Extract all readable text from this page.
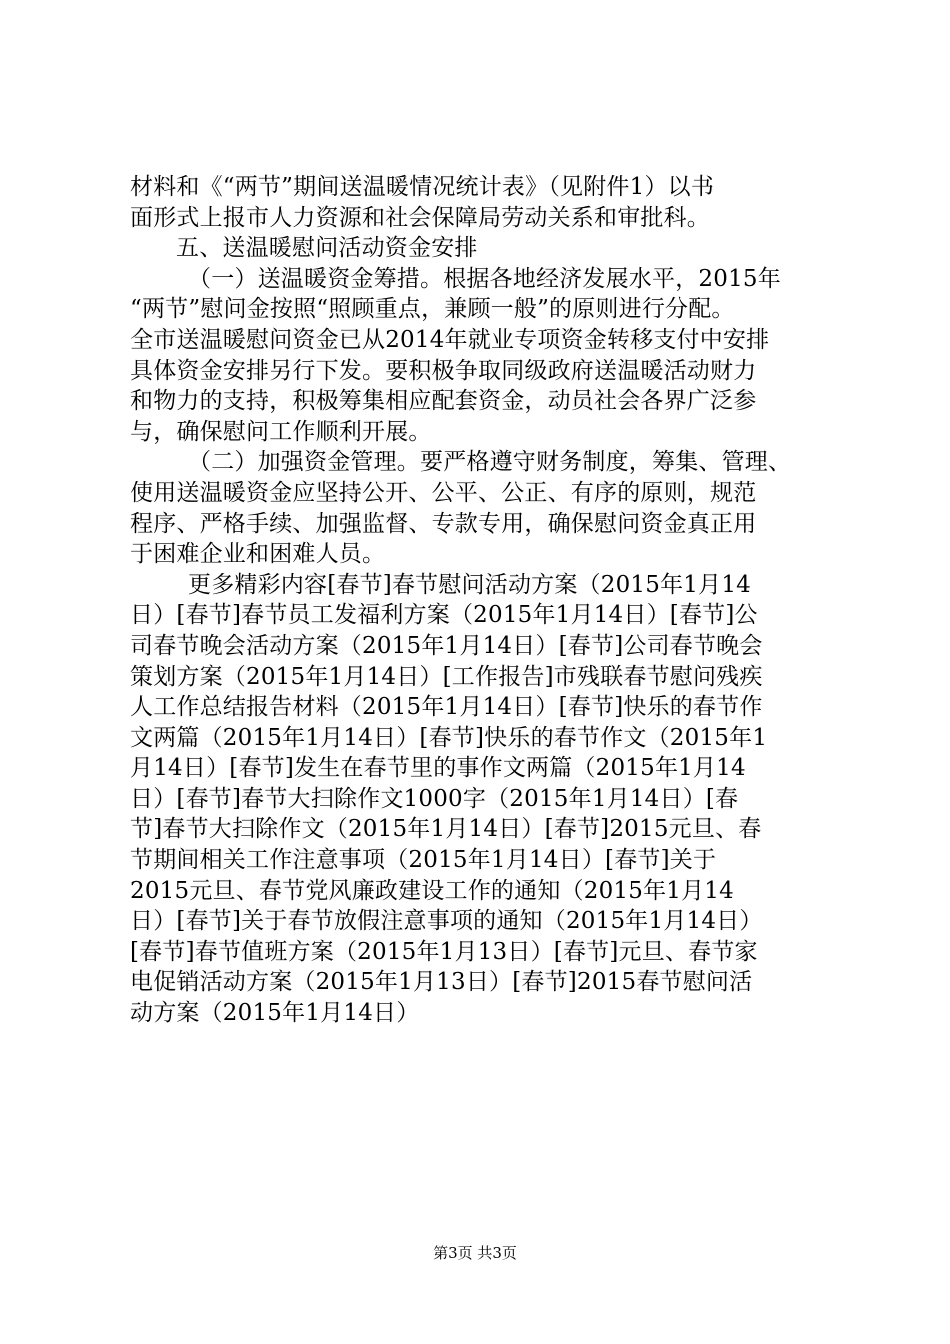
材料和《“两节”期间送温暖情况统计表》（见附件1）以书
面形式上报市人力资源和社会保障局劳动关系和审批科。
五、送温暖慰问活动资金安排
（一）送温暖资金筹措。根据各地经济发展水平，2015年
“两节”慰问金按照“照顾重点，兼顾一般”的原则进行分配。
全市送温暖慰问资金已从2014年就业专项资金转移支付中安排
具体资金安排另行下发。要积极争取同级政府送温暖活动财力
和物力的支持，积极筹集相应配套资金，动员社会各界广泛参
与，确保慰问工作顺利开展。
（二）加强资金管理。要严格遵守财务制度，筹集、管理、
使用送温暖资金应坚持公开、公平、公正、有序的原则，规范
程序、严格手续、加强监督、专款专用，确保慰问资金真正用
于困难企业和困难人员。
更多精彩内容[春节]春节慰问活动方案（2015年1月14
日）[春节]春节员工发福利方案（2015年1月14日）[春节]公
司春节晚会活动方案（2015年1月14日）[春节]公司春节晚会
策划方案（2015年1月14日）[工作报告]市残联春节慰问残疾
人工作总结报告材料（2015年1月14日）[春节]快乐的春节作
文两篇（2015年1月14日）[春节]快乐的春节作文（2015年1
月14日）[春节]发生在春节里的事作文两篇（2015年1月14
日）[春节]春节大扫除作文1000字（2015年1月14日）[春
节]春节大扫除作文（2015年1月14日）[春节]2015元旦、春
节期间相关工作注意事项（2015年1月14日）[春节]关于
2015元旦、春节党风廉政建设工作的通知（2015年1月14
日）[春节]关于春节放假注意事项的通知（2015年1月14日）
[春节]春节值班方案（2015年1月13日）[春节]元旦、春节家
电促销活动方案（2015年1月13日）[春节]2015春节慰问活
动方案（2015年1月14日）
第3页 共3页
